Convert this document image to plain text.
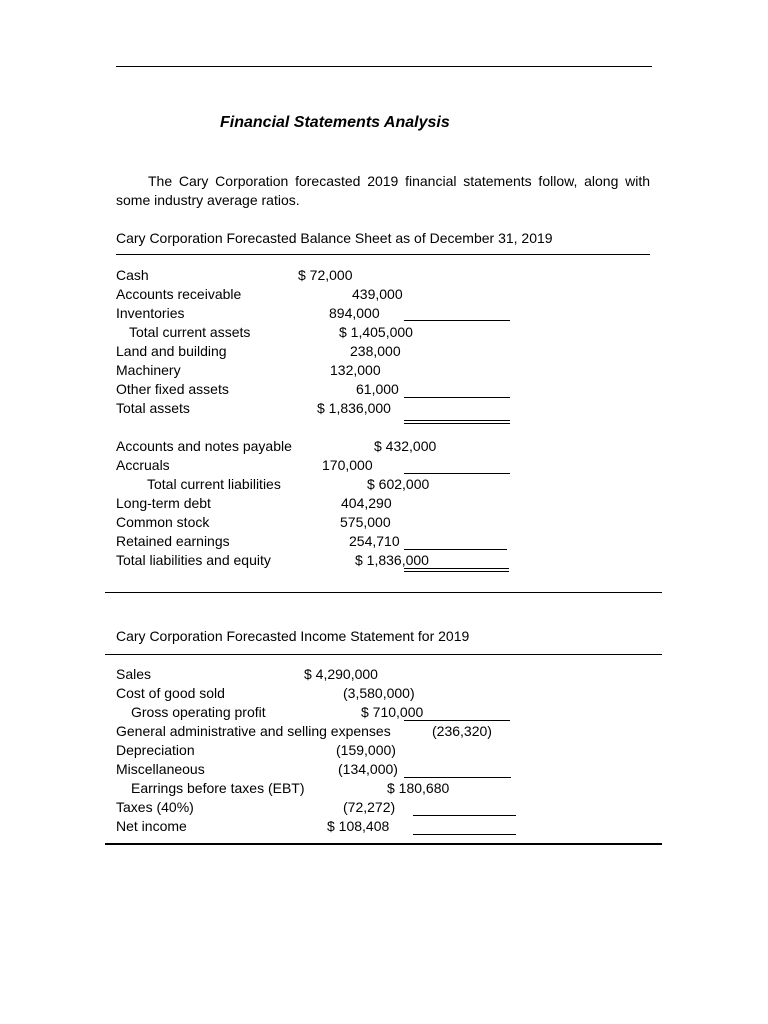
Financial Statements Analysis
The Cary Corporation forecasted 2019 financial statements follow, along with some industry average ratios.
Cary Corporation Forecasted Balance Sheet as of December 31, 2019
Cash	$ 72,000
Accounts receivable	439,000
Inventories	894,000
Total current assets	$ 1,405,000
Land and building	238,000
Machinery	132,000
Other fixed assets	61,000
Total assets	$ 1,836,000
Accounts and notes payable	$ 432,000
Accruals	170,000
Total current liabilities	$ 602,000
Long-term debt	404,290
Common stock	575,000
Retained earnings	254,710
Total liabilities and equity	$ 1,836,000
Cary Corporation Forecasted Income Statement for 2019
Sales	$ 4,290,000
Cost of good sold	(3,580,000)
Gross operating profit	$ 710,000
General administrative and selling expenses	(236,320)
Depreciation	(159,000)
Miscellaneous	(134,000)
Earrings before taxes (EBT)	$ 180,680
Taxes (40%)	(72,272)
Net income	$ 108,408
